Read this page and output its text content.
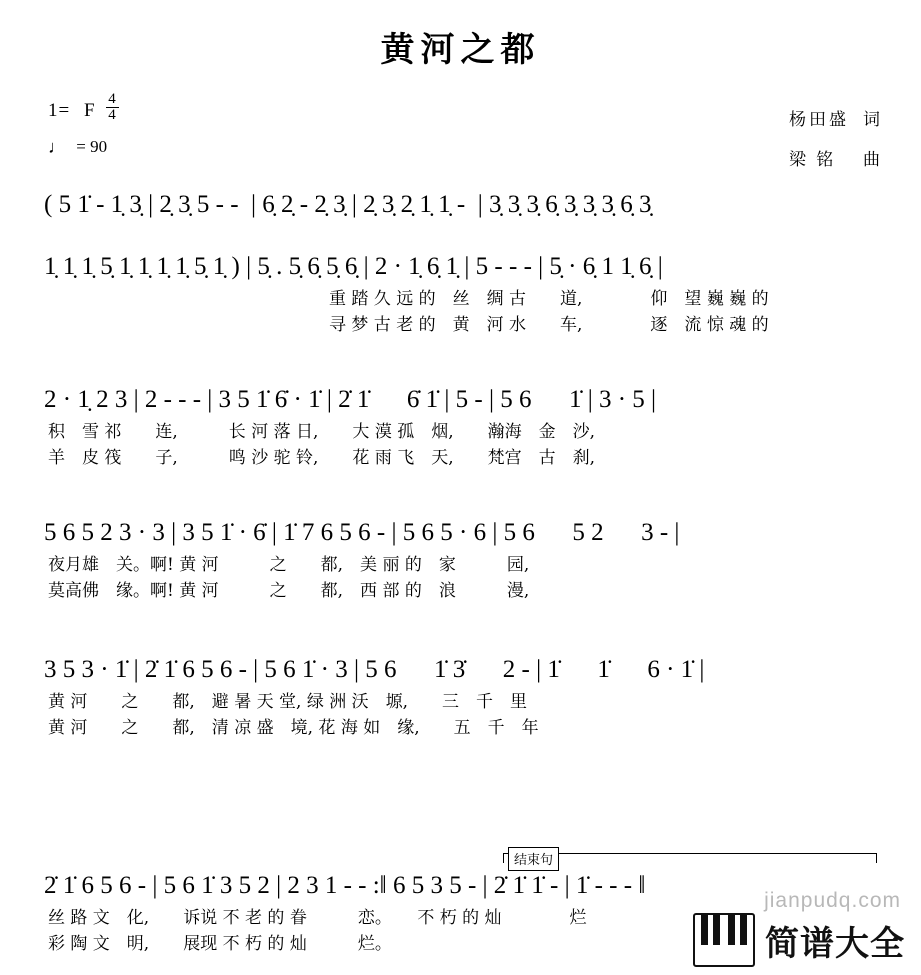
黄河之都
1= F $\frac{4}{4}$
♩ = 90
杨田盛 词
梁 铭 曲
( 5 1̇ - 1̣ 3̣ | 2̣ 3̣ 5 - -  | 6̣ 2̣ - 2̣ 3̣ | 2̣ 3̣ 2̣ 1̣ 1̣ -  | 3̣ 3̣ 3̣ 6̣ 3̣ 3̣ 3̣ 6̣ 3̣
1̣ 1̣ 1̣ 5̣ 1̣ 1̣ 1̣ 1̣ 5̣ 1̣ ) | 5̣ . 5̣ 6̣ 5̣ 6̣ | 2 · 1̣ 6̣ 1̣ | 5 - - - | 5̣ · 6̣ 1 1̣ 6̣ |
重 踏 久 远 的　丝　绸 古　　道,　　　　仰　望 巍 巍 的
寻 梦 古 老 的　黄　河 水　　车,　　　　逐　流 惊 魂 的
2 · 1̣ 2 3 | 2 - - - | 3 5 1̇ 6̇ · 1̇ | 2̇ 1̇ 　 6̇ 1̇ | 5 - | 5 6 　 1̇ | 3 · 5 |
积　雪 祁　　连,　　　长 河 落 日,　　大 漠 孤　烟,　　瀚海　金　沙,
羊　皮 筏　　子,　　　鸣 沙 驼 铃,　　花 雨 飞　天,　　梵宫　古　刹,
5 6 5 2 3 · 3 | 3 5 1̇ · 6̇ | 1̇ 7 6 5 6 - | 5 6 5 · 6 | 5 6 　 5 2 　 3 - |
夜月雄　关。啊! 黄 河　　　之　　都,　美 丽 的　家　　　园,
莫高佛　缘。啊! 黄 河　　　之　　都,　西 部 的　浪　　　漫,
3 5 3 · 1̇ | 2̇ 1̇ 6 5 6 - | 5 6 1̇ · 3 | 5 6 　 1̇ 3̇ 　 2 - | 1̇ 　 1̇ 　 6 · 1̇ |
黄 河　　之　　都,　避 暑 天 堂, 绿 洲 沃　塬,　　三　千　里
黄 河　　之　　都,　清 凉 盛　境, 花 海 如　缘,　　五　千　年
2̇ 1̇ 6 5 6 - | 5 6 1̇ 3 5 2 | 2 3 1 - - :‖ 6 5 3 5 - | 2̇ 1̇ 1̇ - | 1̇ - - - ‖
丝 路 文　化,　　诉说 不 老 的 眷　　　恋。　　不 朽 的 灿　　　　烂
彩 陶 文　明,　　展现 不 朽 的 灿　　　烂。
结束句
jianpudq.com
简谱大全
